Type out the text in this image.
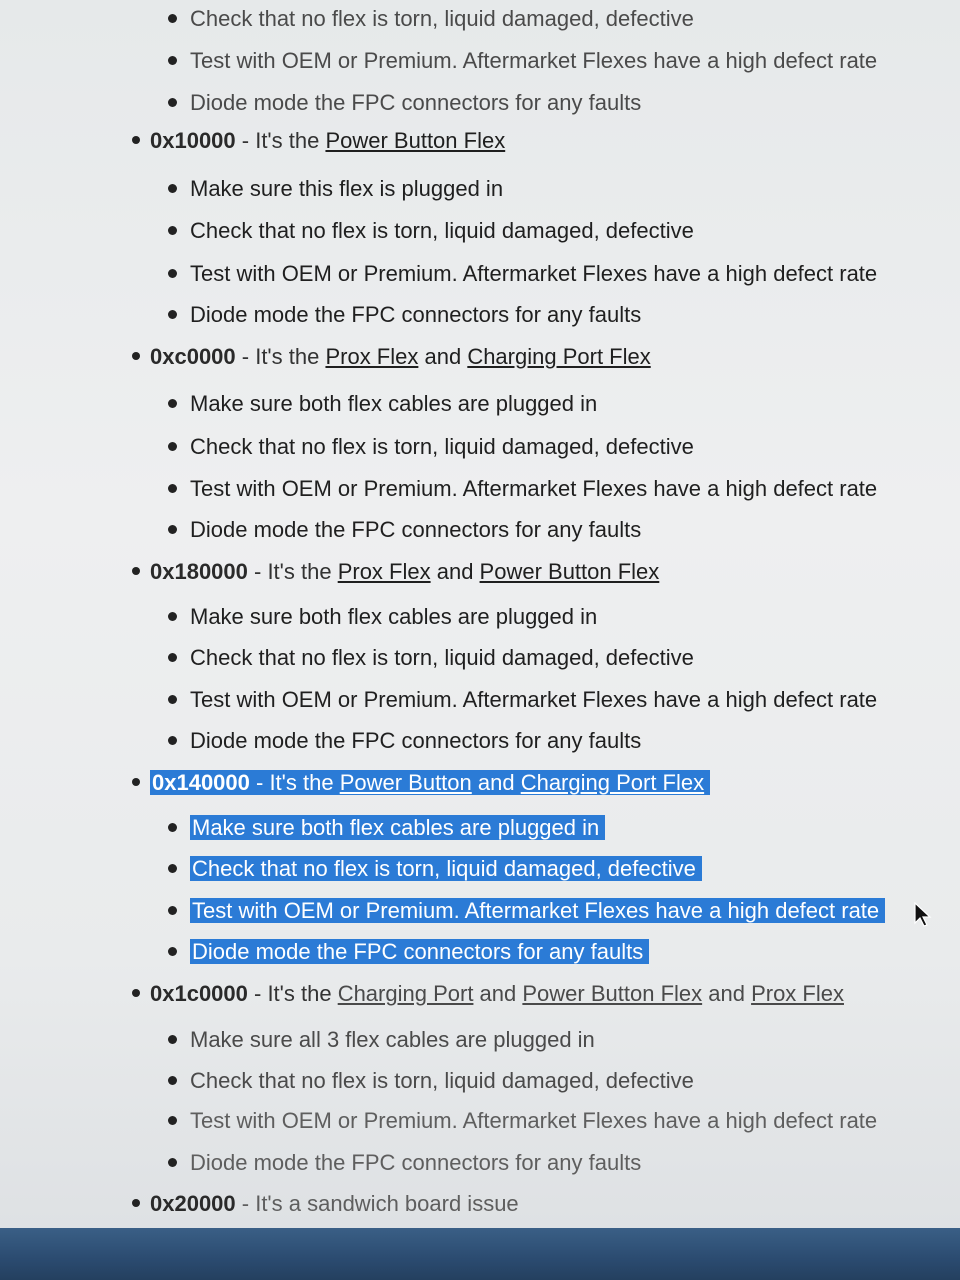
Check that no flex is torn, liquid damaged, defective
Test with OEM or Premium. Aftermarket Flexes have a high defect rate
Diode mode the FPC connectors for any faults
0x10000 - It's the Power Button Flex
Make sure this flex is plugged in
Check that no flex is torn, liquid damaged, defective
Test with OEM or Premium. Aftermarket Flexes have a high defect rate
Diode mode the FPC connectors for any faults
0xc0000 - It's the Prox Flex and Charging Port Flex
Make sure both flex cables are plugged in
Check that no flex is torn, liquid damaged, defective
Test with OEM or Premium. Aftermarket Flexes have a high defect rate
Diode mode the FPC connectors for any faults
0x180000 - It's the Prox Flex and Power Button Flex
Make sure both flex cables are plugged in
Check that no flex is torn, liquid damaged, defective
Test with OEM or Premium. Aftermarket Flexes have a high defect rate
Diode mode the FPC connectors for any faults
0x140000 - It's the Power Button and Charging Port Flex
Make sure both flex cables are plugged in
Check that no flex is torn, liquid damaged, defective
Test with OEM or Premium. Aftermarket Flexes have a high defect rate
Diode mode the FPC connectors for any faults
0x1c0000 - It's the Charging Port and Power Button Flex and Prox Flex
Make sure all 3 flex cables are plugged in
Check that no flex is torn, liquid damaged, defective
Test with OEM or Premium. Aftermarket Flexes have a high defect rate
Diode mode the FPC connectors for any faults
0x20000 - It's a sandwich board issue
